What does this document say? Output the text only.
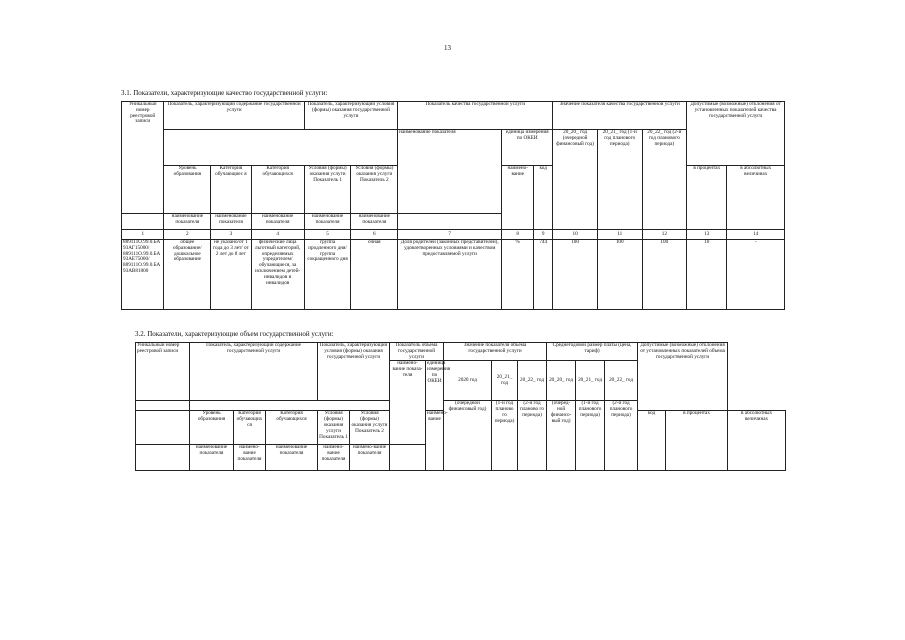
13
3.1. Показатели, характеризующие качество государственной услуги:
Уникальный номер реестровой записи	Показатель, характеризующий содержание государственной услуги			Показатель, характеризующий условия (формы) оказания государственной услуги		Показатель качества государственной услуги			Значение показателя качества государственной услуги			Допустимые (возможные) отклонения от установленных показателей качества государственной услуги	
						наименование показателя	единица измерения по ОКЕИ		20_20_ год (очередной финансовый год)	20_21_ год (1-й год планового периода)	20_22_ год (2-й год планового периода)		
	Уровень образования	Категория обучающиес я	Категория обучающихся	Условия (формы) оказания услуги Показатель 1	Условия (формы) оказания услуги Показатель 2		наимено-вание	код				в процентах	в абсолютных величинах
	наименование показателя	наименование показателя	наименование показателя	наименование показателя	наименование показателя								
1	2	3	4	5	6	7	8	9	10	11	12	13	14
889111О.99.0.БА 93АГ15000/ 889111О.99.0.БА 93АЕ75000/ 889111О.99.0.БА 93АВ81000	общее образование/ дошкольное образование	не указано/от 1 года до 3 лет/ от 2 лет до 8 лет	физические лица льготный категорий, определяемых учредителем/ обучающиеся, за исключением детей-инвалидов и инвалидов	группа продленного дня/ группа сокращенного дня	очная	Доля родителей (законных представителей), удовлетворенных условиями и качеством предоставляемой услуги	%	744	100	100	100	10	-
3.2. Показатели, характеризующие объем государственной услуги:
Уникальный номер реестровой записи	Показатель, характеризующий содержание государственной услуги			Показатель, характеризующий условия (формы) оказания государственной услуги		Показатель объема государственной услуги		Значение показателя объема государственной услуги			Среднегодовой размер платы (цена, тариф)			Допустимые (возможные) отклонения от установленных показателей объема государственной услуги		
						наимено-вание показа-теля	единица измерения по ОКЕИ	2020 год	20_21_ год	20_22_ год	20_20_ год	20_21_ год	20_22_ год			

								(очередной финансовый год)	(1-й год планово го периода)	(2-й год планово го периода)	(очеред-ной финансо-вый год)	(1-й год планового периода)	(2-й год планового периода)			
	Уровень образования	Категория обучающих ся	Категория обучающихся	Условия (формы) оказания услуги Показатель 1	Условия (формы) оказания услуги Показатель 2		наимено-вание							код	в процентах	в абсолютных величинах
	наименование показателя	наимено-вание показателя	наименование показателя	наимено-вание показателя	наимено-вание показателя											
